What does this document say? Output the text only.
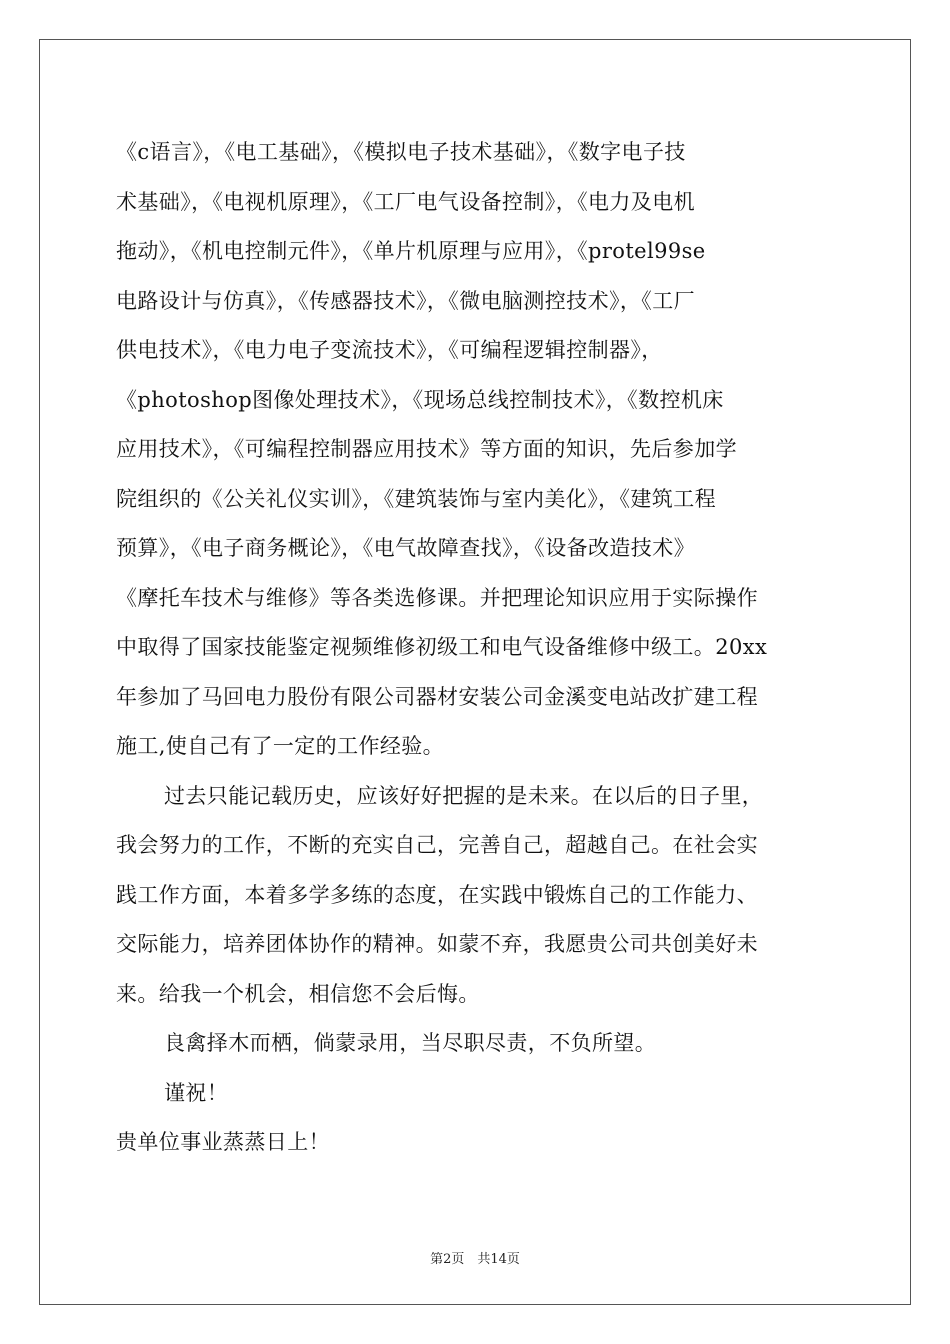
《c语言》，《电工基础》，《模拟电子技术基础》，《数字电子技
术基础》，《电视机原理》，《工厂电气设备控制》，《电力及电机
拖动》，《机电控制元件》，《单片机原理与应用》，《protel99se
电路设计与仿真》，《传感器技术》，《微电脑测控技术》，《工厂
供电技术》，《电力电子变流技术》，《可编程逻辑控制器》，
《photoshop图像处理技术》，《现场总线控制技术》，《数控机床
应用技术》，《可编程控制器应用技术》等方面的知识，先后参加学
院组织的《公关礼仪实训》，《建筑装饰与室内美化》，《建筑工程
预算》，《电子商务概论》，《电气故障查找》，《设备改造技术》
《摩托车技术与维修》等各类选修课。并把理论知识应用于实际操作
中取得了国家技能鉴定视频维修初级工和电气设备维修中级工。20xx
年参加了马回电力股份有限公司器材安装公司金溪变电站改扩建工程
施工,使自己有了一定的工作经验。
过去只能记载历史，应该好好把握的是未来。在以后的日子里，
我会努力的工作，不断的充实自己，完善自己，超越自己。在社会实
践工作方面，本着多学多练的态度，在实践中锻炼自己的工作能力、
交际能力，培养团体协作的精神。如蒙不弃，我愿贵公司共创美好未
来。给我一个机会，相信您不会后悔。
良禽择木而栖，倘蒙录用，当尽职尽责，不负所望。
谨祝！
贵单位事业蒸蒸日上！
第2页　共14页
